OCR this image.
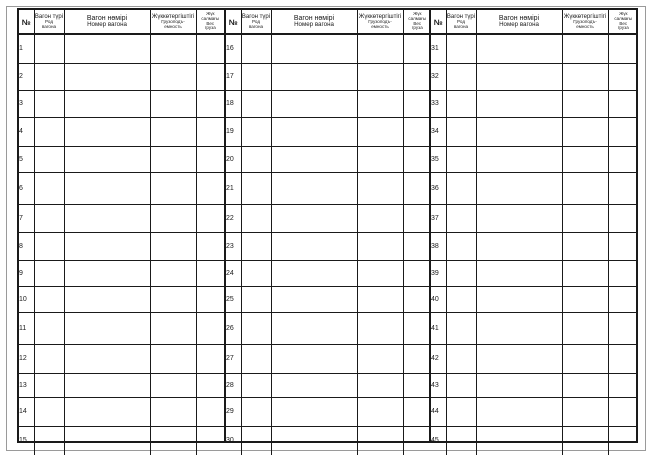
№	Вагон түрі
Род
вагона	Вагон нөмірі
Номер вагона	Жүккөтергіштігі
Грузоподъ-
емность	Жүк
салмағы
Вес
груза

1				
2				
3				
4				
5				
6				
7				
8				
9				
10				
11				
12				
13				
14				
15				
№	Вагон түрі
Род
вагона	Вагон нөмірі
Номер вагона	Жүккөтергіштігі
Грузоподъ-
емность	Жүк
салмағы
Вес
груза

16				
17				
18				
19				
20				
21				
22				
23				
24				
25				
26				
27				
28				
29				
30				
№	Вагон түрі
Род
вагона	Вагон нөмірі
Номер вагона	Жүккөтергіштігі
Грузоподъ-
емность	Жүк
салмағы
Вес
груза

31				
32				
33				
34				
35				
36				
37				
38				
39				
40				
41				
42				
43				
44				
45				
